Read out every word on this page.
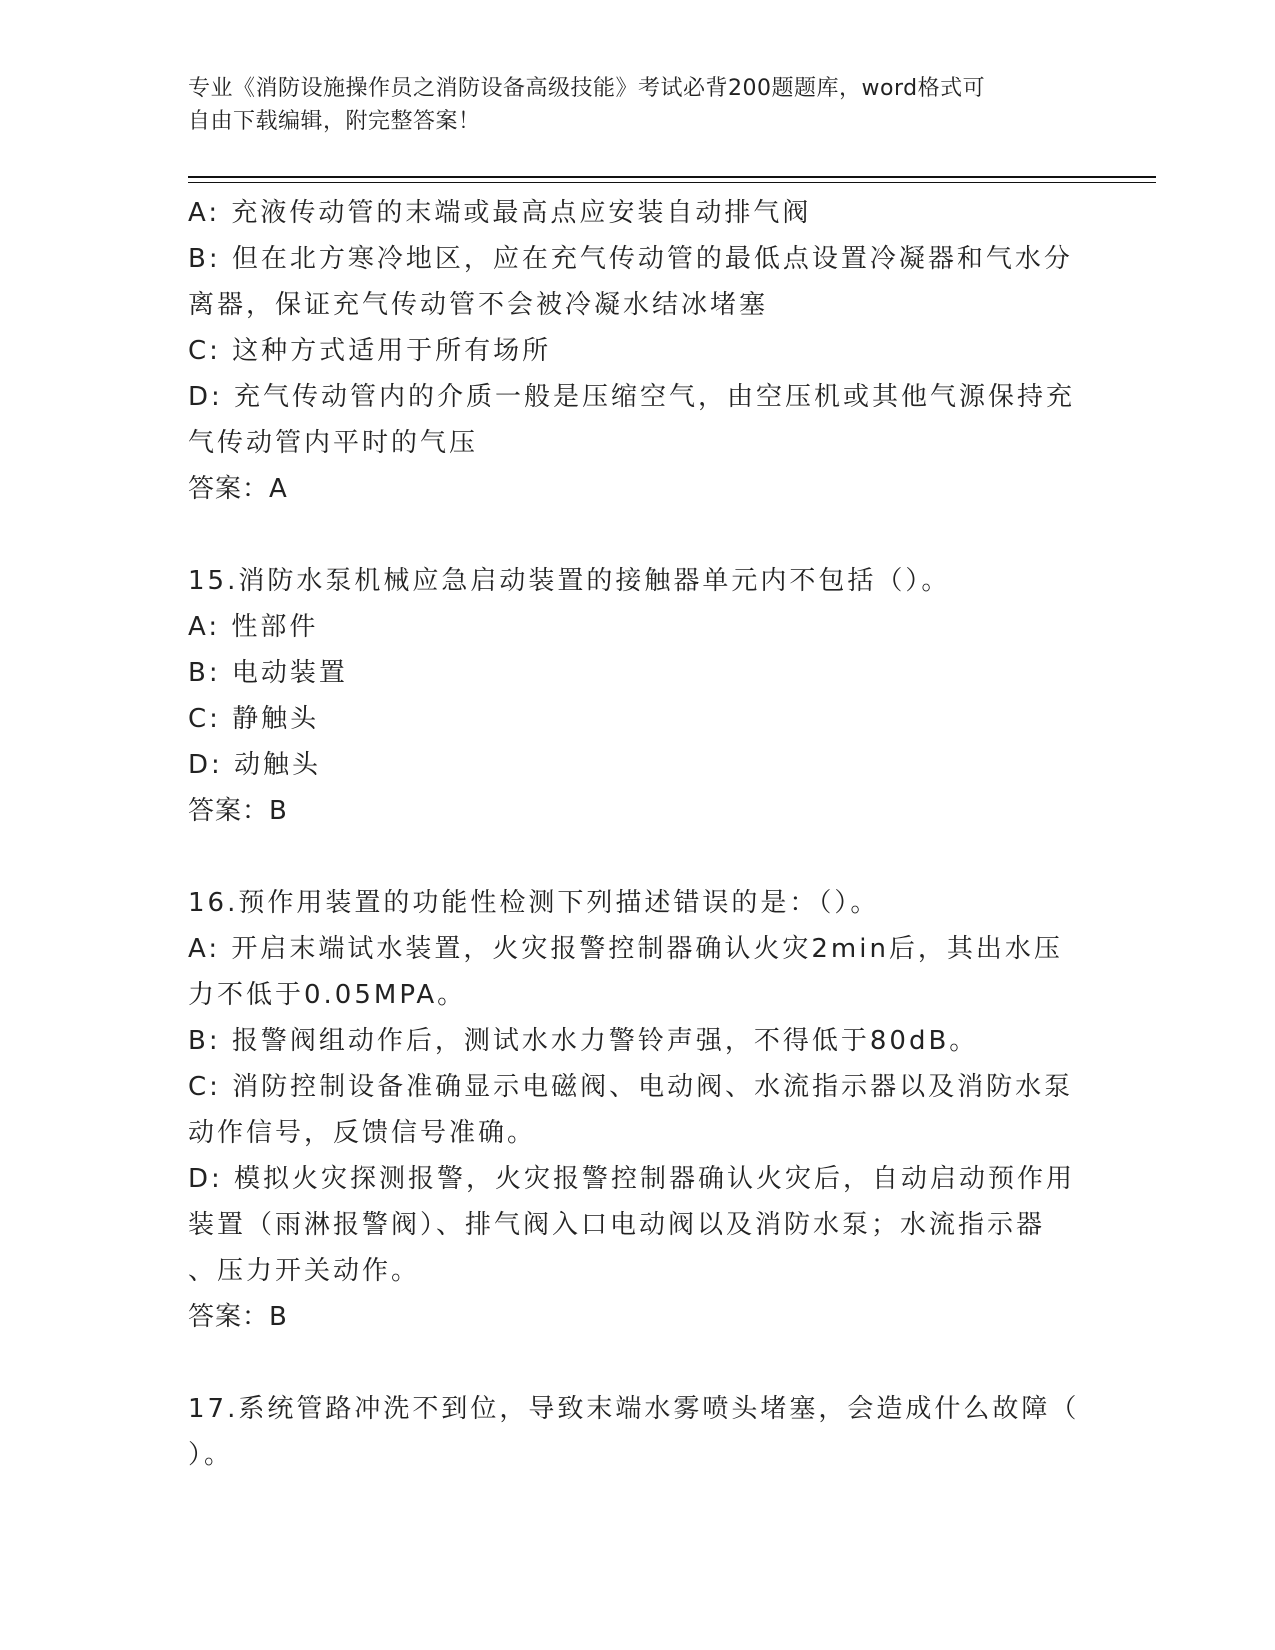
专业《消防设施操作员之消防设备高级技能》考试必背200题题库，word格式可
自由下载编辑，附完整答案！
A: 充液传动管的末端或最高点应安装自动排气阀
B: 但在北方寒冷地区，应在充气传动管的最低点设置冷凝器和气水分
离器，保证充气传动管不会被冷凝水结冰堵塞
C: 这种方式适用于所有场所
D: 充气传动管内的介质一般是压缩空气，由空压机或其他气源保持充
气传动管内平时的气压
答案：A
15.消防水泵机械应急启动装置的接触器单元内不包括（）。
A: 性部件
B: 电动装置
C: 静触头
D: 动触头
答案：B
16.预作用装置的功能性检测下列描述错误的是：（）。
A: 开启末端试水装置，火灾报警控制器确认火灾2min后，其出水压
力不低于0.05MPA。
B: 报警阀组动作后，测试水水力警铃声强，不得低于80dB。
C: 消防控制设备准确显示电磁阀、电动阀、水流指示器以及消防水泵
动作信号，反馈信号准确。
D: 模拟火灾探测报警，火灾报警控制器确认火灾后，自动启动预作用
装置（雨淋报警阀）、排气阀入口电动阀以及消防水泵；水流指示器
、压力开关动作。
答案：B
17.系统管路冲洗不到位，导致末端水雾喷头堵塞，会造成什么故障（
）。
